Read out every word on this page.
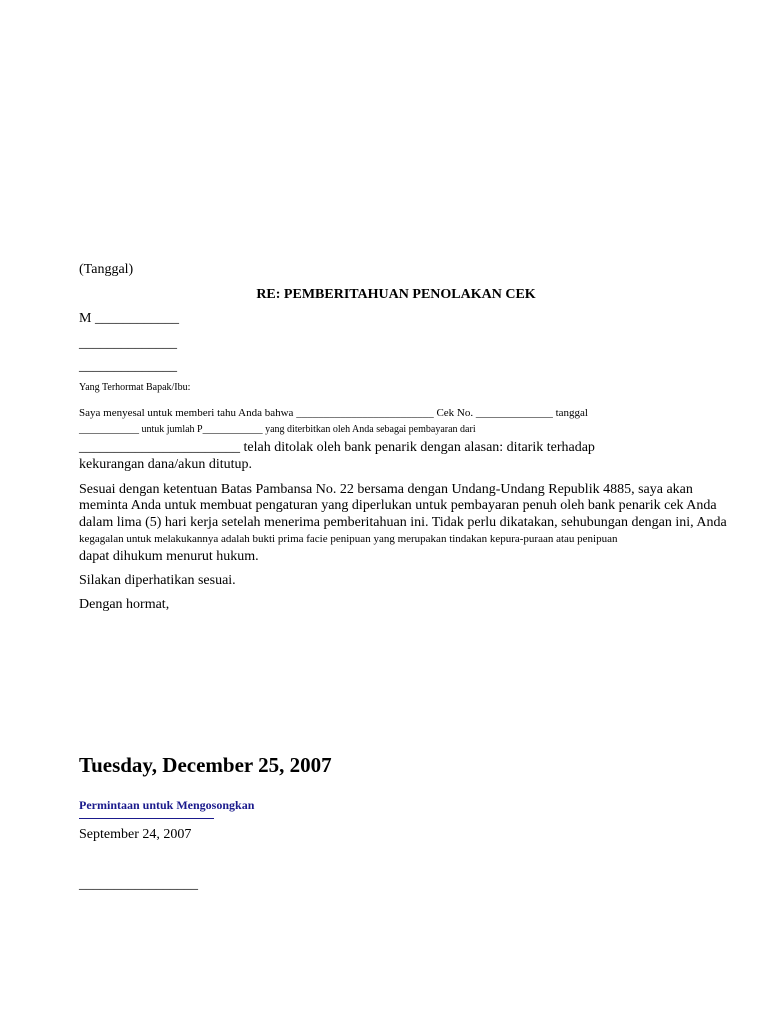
(Tanggal)
RE: PEMBERITAHUAN PENOLAKAN CEK
M ____________
______________
______________
Yang Terhormat Bapak/Ibu:
Saya menyesal untuk memberi tahu Anda bahwa _________________________ Cek No. ______________ tanggal
____________ untuk jumlah P____________ yang diterbitkan oleh Anda sebagai pembayaran dari
_______________________ telah ditolak oleh bank penarik dengan alasan: ditarik terhadap
kekurangan dana/akun ditutup.
Sesuai dengan ketentuan Batas Pambansa No. 22 bersama dengan Undang-Undang Republik 4885, saya akan
meminta Anda untuk membuat pengaturan yang diperlukan untuk pembayaran penuh oleh bank penarik cek Anda
dalam lima (5) hari kerja setelah menerima pemberitahuan ini. Tidak perlu dikatakan, sehubungan dengan ini, Anda
kegagalan untuk melakukannya adalah bukti prima facie penipuan yang merupakan tindakan kepura-puraan atau penipuan
dapat dihukum menurut hukum.
Silakan diperhatikan sesuai.
Dengan hormat,
Tuesday, December 25, 2007
Permintaan untuk Mengosongkan
September 24, 2007
_________________
